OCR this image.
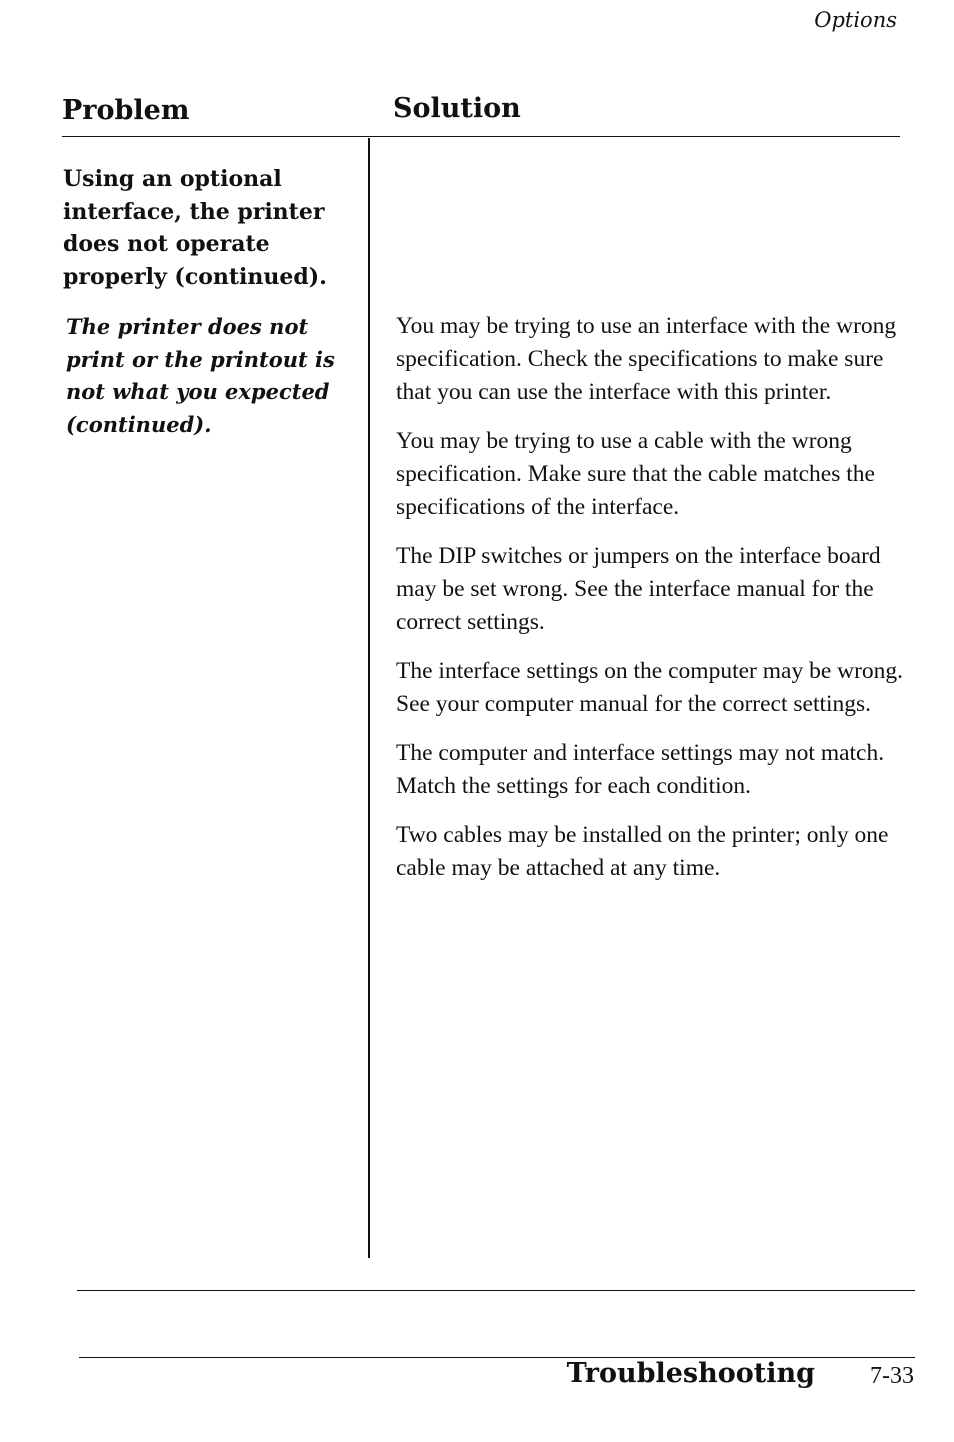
Options
Problem	Solution
Using an optional interface, the printer does not operate properly (continued).
The printer does not print or the printout is not what you expected (continued).

You may be trying to use an interface with the wrong specification. Check the specifications to make sure that you can use the interface with this printer.

You may be trying to use a cable with the wrong specification. Make sure that the cable matches the specifications of the interface.

The DIP switches or jumpers on the interface board may be set wrong. See the interface manual for the correct settings.

The interface settings on the computer may be wrong. See your computer manual for the correct settings.

The computer and interface settings may not match. Match the settings for each condition.

Two cables may be installed on the printer; only one cable may be attached at any time.

Troubleshooting 7-33
